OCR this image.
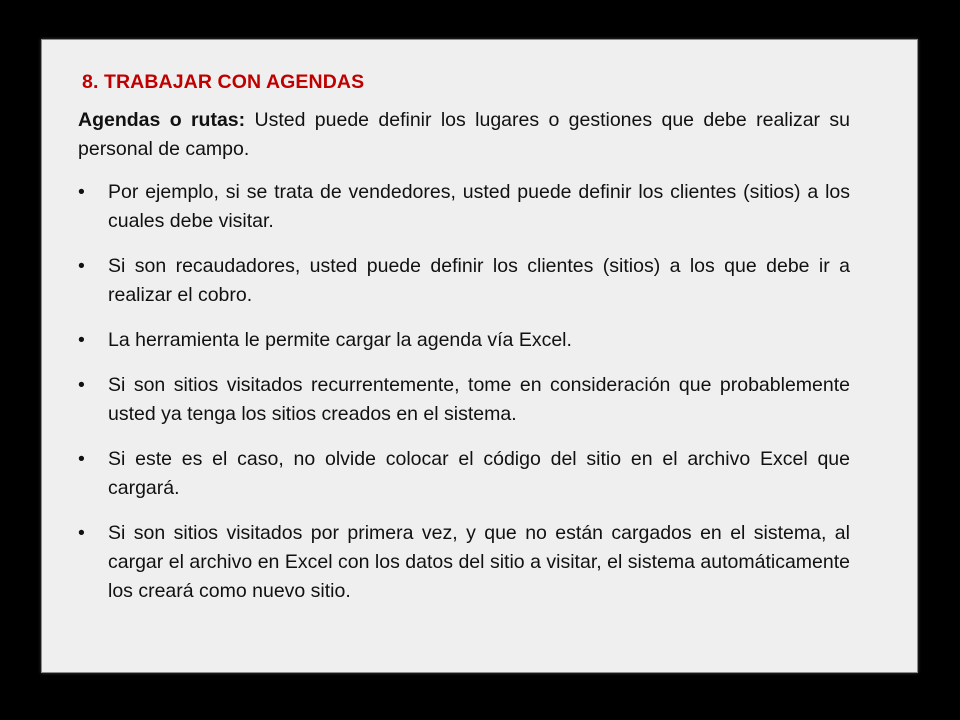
8. TRABAJAR CON AGENDAS

Agendas o rutas: Usted puede definir los lugares o gestiones que debe realizar su personal de campo.

•	Por ejemplo, si se trata de vendedores, usted puede definir los clientes (sitios) a los cuales debe visitar.
•	Si son recaudadores, usted puede definir los clientes (sitios) a los que debe ir a realizar el cobro.
•	La herramienta le permite cargar la agenda vía Excel.
•	Si son sitios visitados recurrentemente, tome en consideración que probablemente usted ya tenga los sitios creados en el sistema.
•	Si este es el caso, no olvide colocar el código del sitio en el archivo Excel que cargará.
•	Si son sitios visitados por primera vez, y que no están cargados en el sistema, al cargar el archivo en Excel con los datos del sitio a visitar, el sistema automáticamente los creará como nuevo sitio.
